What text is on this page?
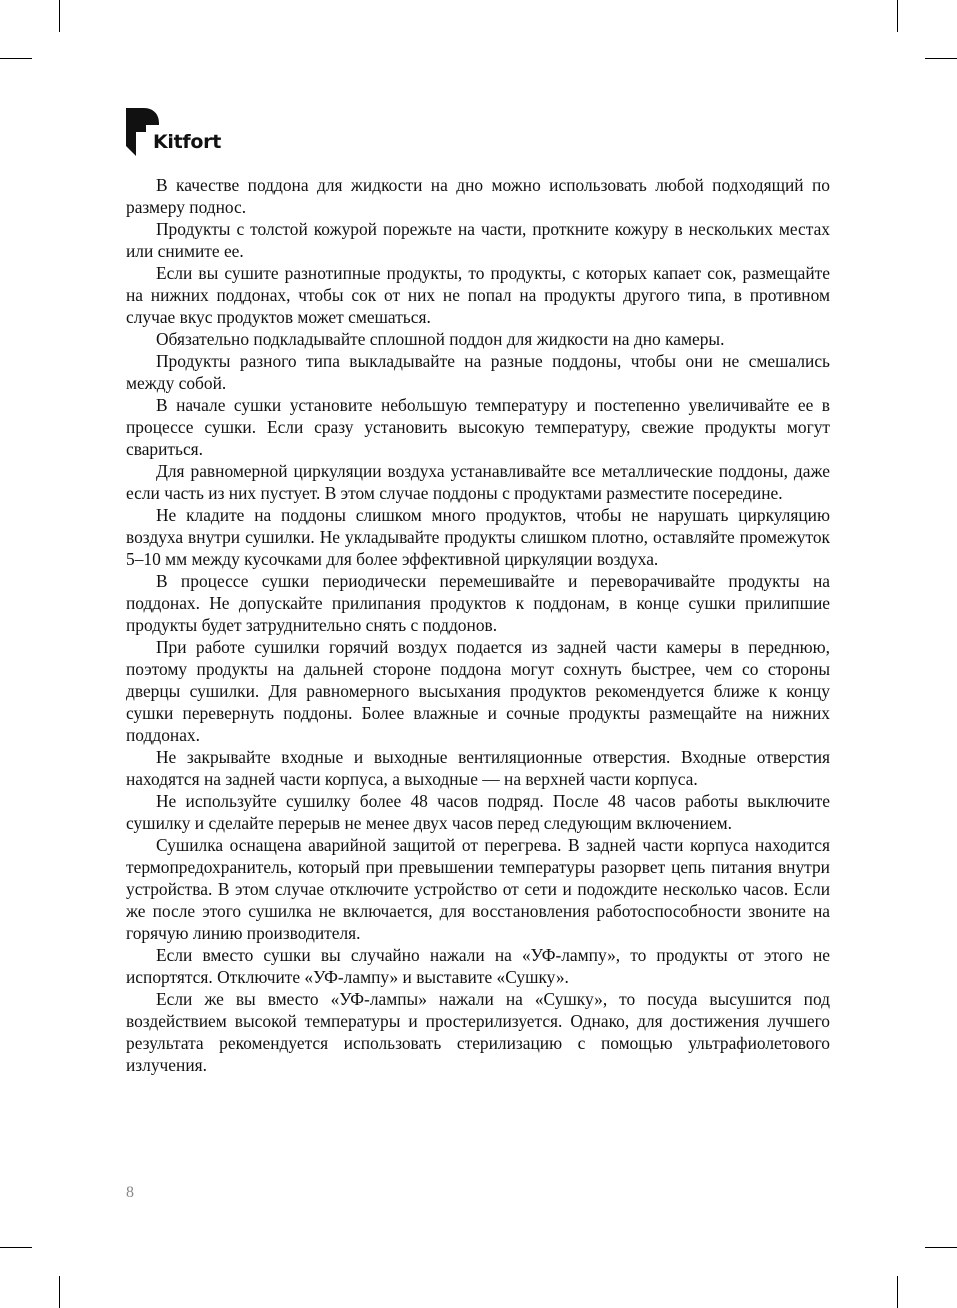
Kitfort

В качестве поддона для жидкости на дно можно использовать любой подходящий по размеру поднос.

Продукты с толстой кожурой порежьте на части, проткните кожуру в нескольких местах или снимите ее.

Если вы сушите разнотипные продукты, то продукты, с которых капает сок, размещайте на нижних поддонах, чтобы сок от них не попал на продукты другого типа, в противном случае вкус продуктов может смешаться.

Обязательно подкладывайте сплошной поддон для жидкости на дно камеры.

Продукты разного типа выкладывайте на разные поддоны, чтобы они не смешались между собой.

В начале сушки установите небольшую температуру и постепенно увеличивайте ее в процессе сушки. Если сразу установить высокую температуру, свежие продукты могут свариться.

Для равномерной циркуляции воздуха устанавливайте все металлические поддоны, даже если часть из них пустует. В этом случае поддоны с продуктами разместите посередине.

Не кладите на поддоны слишком много продуктов, чтобы не нарушать циркуляцию воздуха внутри сушилки. Не укладывайте продукты слишком плотно, оставляйте промежуток 5–10 мм между кусочками для более эффективной циркуляции воздуха.

В процессе сушки периодически перемешивайте и переворачивайте продукты на поддонах. Не допускайте прилипания продуктов к поддонам, в конце сушки прилипшие продукты будет затруднительно снять с поддонов.

При работе сушилки горячий воздух подается из задней части камеры в переднюю, поэтому продукты на дальней стороне поддона могут сохнуть быстрее, чем со стороны дверцы сушилки. Для равномерного высыхания продуктов рекомендуется ближе к концу сушки перевернуть поддоны. Более влажные и сочные продукты размещайте на нижних поддонах.

Не закрывайте входные и выходные вентиляционные отверстия. Входные отверстия находятся на задней части корпуса, а выходные — на верхней части корпуса.

Не используйте сушилку более 48 часов подряд. После 48 часов работы выключите сушилку и сделайте перерыв не менее двух часов перед следующим включением.

Сушилка оснащена аварийной защитой от перегрева. В задней части корпуса находится термопредохранитель, который при превышении температуры разорвет цепь питания внутри устройства. В этом случае отключите устройство от сети и подождите несколько часов. Если же после этого сушилка не включается, для восстановления работоспособности звоните на горячую линию производителя.

Если вместо сушки вы случайно нажали на «УФ-лампу», то продукты от этого не испортятся. Отключите «УФ-лампу» и выставите «Сушку».

Если же вы вместо «УФ-лампы» нажали на «Сушку», то посуда высушится под воздействием высокой температуры и простерилизуется. Однако, для достижения лучшего результата рекомендуется использовать стерилизацию с помощью ультрафиолетового излучения.

8
